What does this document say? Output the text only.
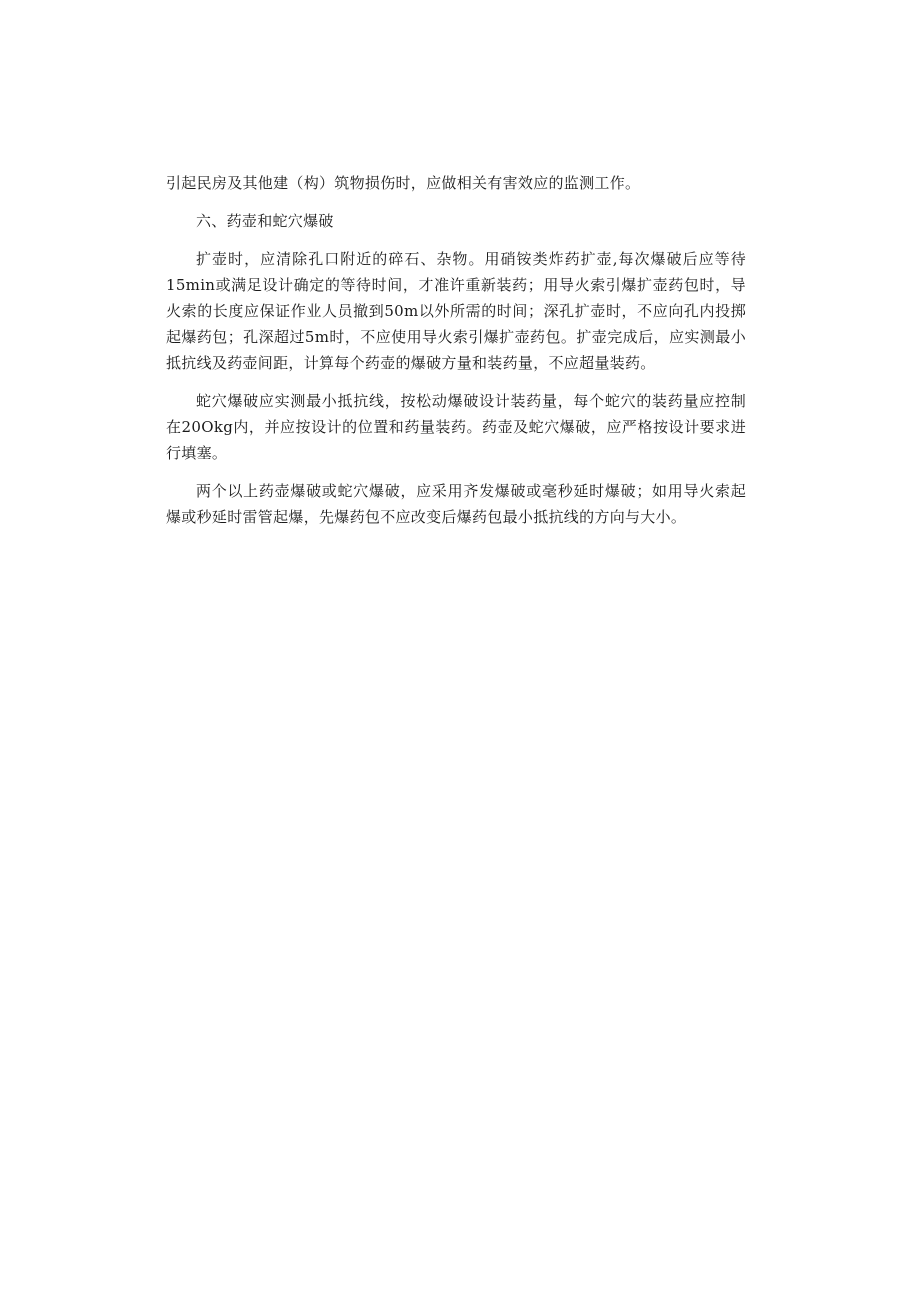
引起民房及其他建（构）筑物损伤时，应做相关有害效应的监测工作。

六、药壶和蛇穴爆破

扩壶时，应清除孔口附近的碎石、杂物。用硝铵类炸药扩壶,每次爆破后应等待15min或满足设计确定的等待时间，才准许重新装药；用导火索引爆扩壶药包时，导火索的长度应保证作业人员撤到50m以外所需的时间；深孔扩壶时，不应向孔内投掷起爆药包；孔深超过5m时，不应使用导火索引爆扩壶药包。扩壶完成后，应实测最小抵抗线及药壶间距，计算每个药壶的爆破方量和装药量，不应超量装药。

蛇穴爆破应实测最小抵抗线，按松动爆破设计装药量，每个蛇穴的装药量应控制在20Okg内，并应按设计的位置和药量装药。药壶及蛇穴爆破，应严格按设计要求进行填塞。

两个以上药壶爆破或蛇穴爆破，应采用齐发爆破或毫秒延时爆破；如用导火索起爆或秒延时雷管起爆，先爆药包不应改变后爆药包最小抵抗线的方向与大小。
